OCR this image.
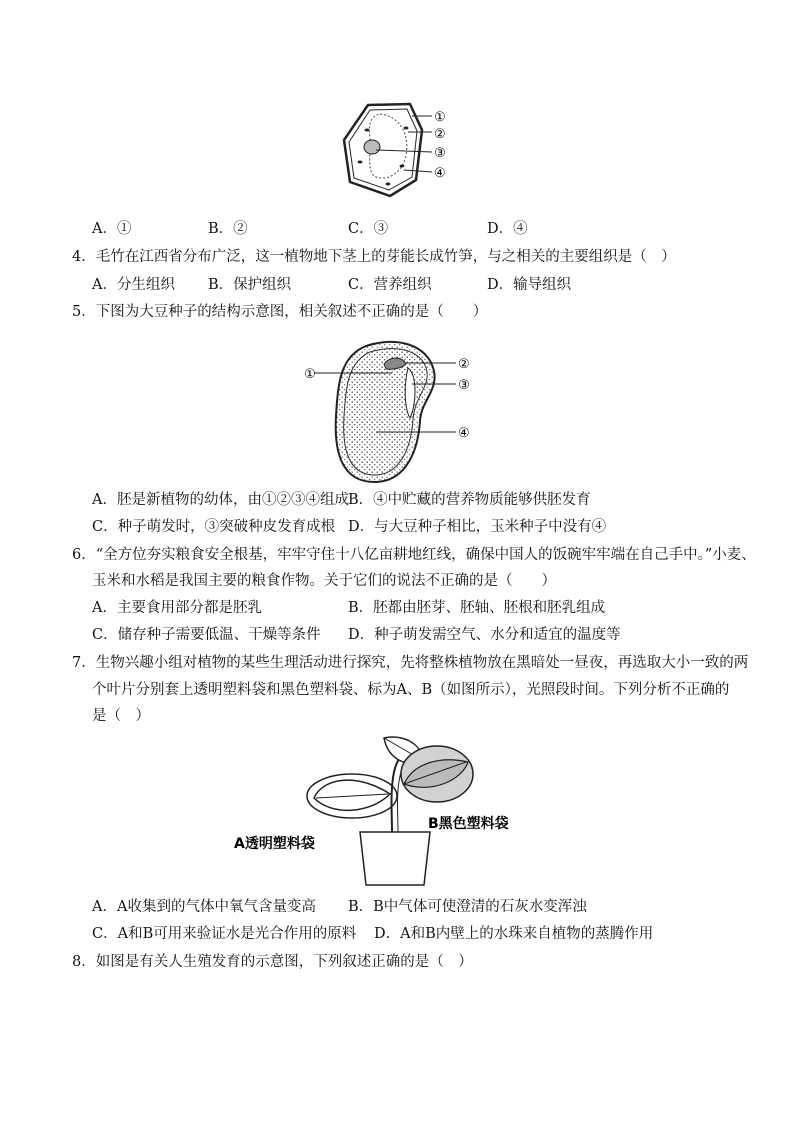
①
②
③
④
A．①	B．②	C．③	D．④
4．毛竹在江西省分布广泛，这一植物地下茎上的芽能长成竹笋，与之相关的主要组织是（　）
A．分生组织 B．保护组织	C．营养组织	D．输导组织
5．下图为大豆种子的结构示意图，相关叙述不正确的是（　　）
①
②
③
④
A．胚是新植物的幼体，由①②③④组成 B．④中贮藏的营养物质能够供胚发育
C．种子萌发时，③突破种皮发育成根 D．与大豆种子相比，玉米种子中没有④
6．“全方位夯实粮食安全根基，牢牢守住十八亿亩耕地红线，确保中国人的饭碗牢牢端在自己手中。”小麦、
玉米和水稻是我国主要的粮食作物。关于它们的说法不正确的是（　　）
A．主要食用部分都是胚乳	B．胚都由胚芽、胚轴、胚根和胚乳组成
C．储存种子需要低温、干燥等条件 D．种子萌发需空气、水分和适宜的温度等
7．生物兴趣小组对植物的某些生理活动进行探究，先将整株植物放在黑暗处一昼夜，再选取大小一致的两
个叶片分别套上透明塑料袋和黑色塑料袋、标为A、B（如图所示），光照段时间。下列分析不正确的
是（　）
A透明塑料袋
B黑色塑料袋
A．A收集到的气体中氧气含量变高 B．B中气体可使澄清的石灰水变浑浊
C．A和B可用来验证水是光合作用的原料 D．A和B内壁上的水珠来自植物的蒸腾作用
8．如图是有关人生殖发育的示意图，下列叙述正确的是（　）
